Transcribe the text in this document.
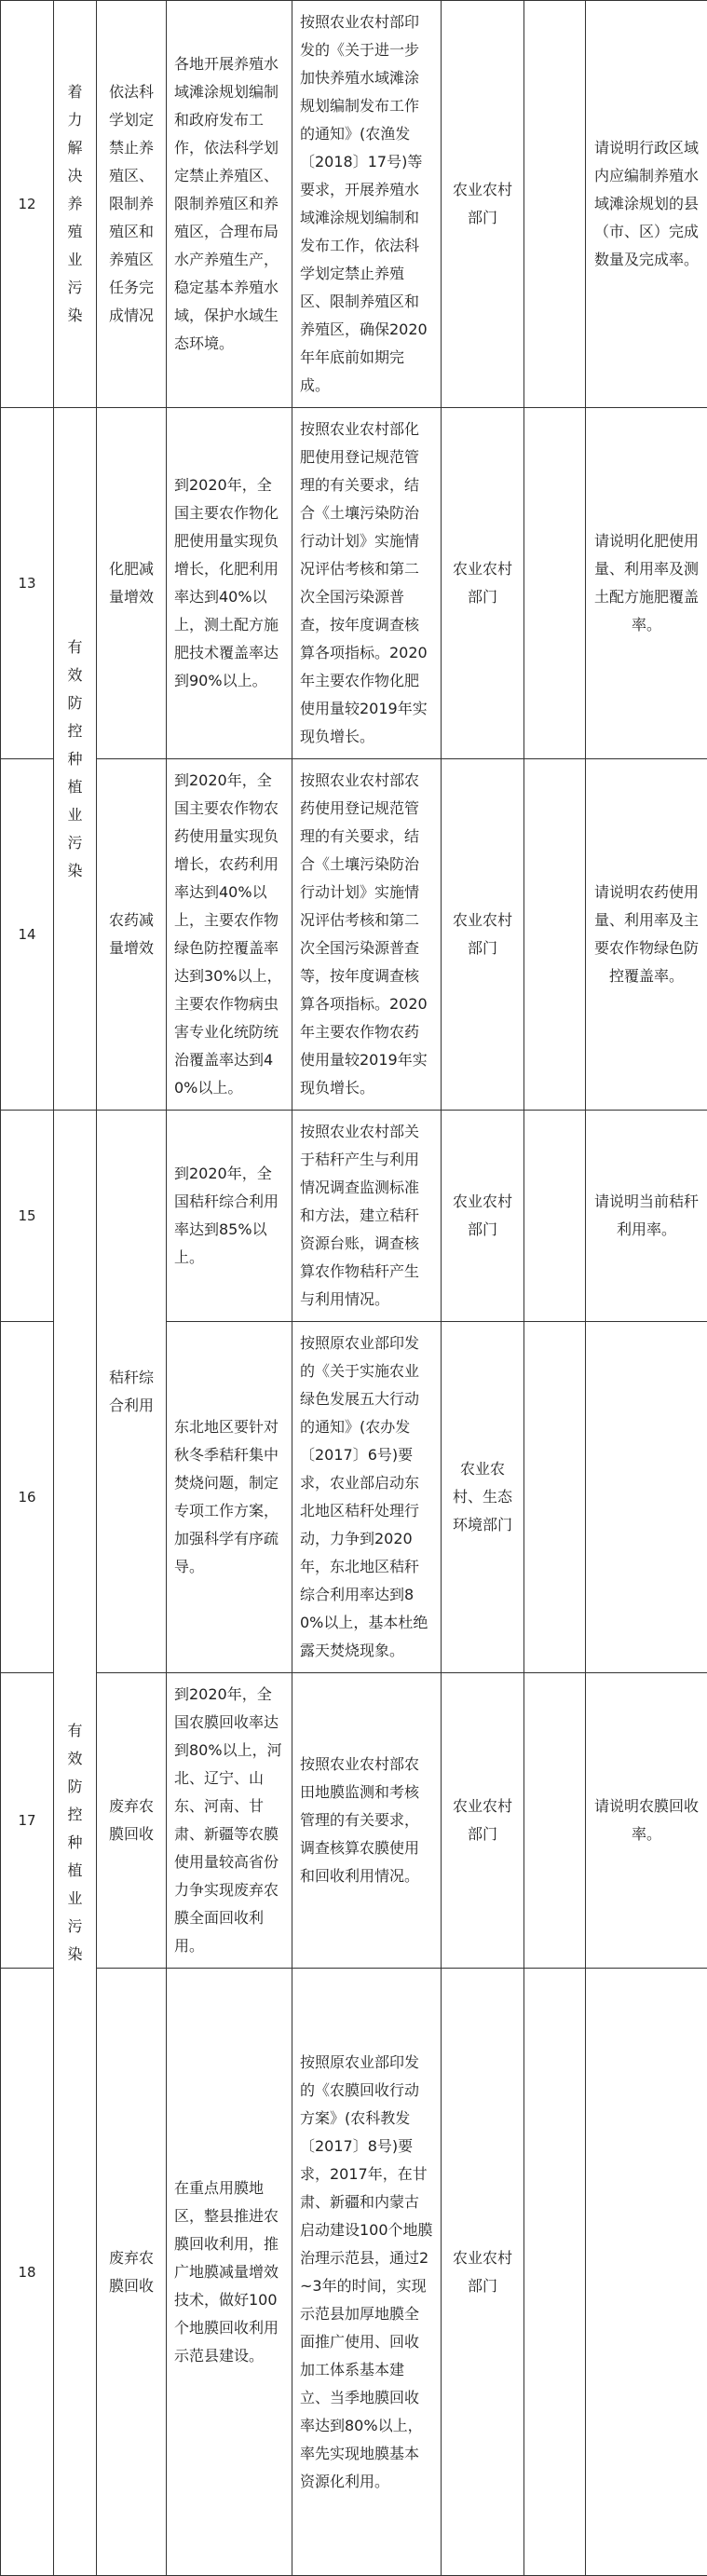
12	着力解决养殖业污染	依法科学划定禁止养殖区、限制养殖区和养殖区任务完成情况	各地开展养殖水域滩涂规划编制和政府发布工作，依法科学划定禁止养殖区、限制养殖区和养殖区，合理布局水产养殖生产，稳定基本养殖水域，保护水域生态环境。	按照农业农村部印发的《关于进一步加快养殖水域滩涂规划编制发布工作的通知》(农渔发〔2018〕17号)等要求，开展养殖水域滩涂规划编制和发布工作，依法科学划定禁止养殖区、限制养殖区和养殖区，确保2020年年底前如期完成。	农业农村部门		请说明行政区域内应编制养殖水域滩涂规划的县（市、区）完成数量及完成率。
13	有效防控种植业污染	化肥减量增效	到2020年，全国主要农作物化肥使用量实现负增长，化肥利用率达到40%以上，测土配方施肥技术覆盖率达到90%以上。	按照农业农村部化肥使用登记规范管理的有关要求，结合《土壤污染防治行动计划》实施情况评估考核和第二次全国污染源普查，按年度调查核算各项指标。2020年主要农作物化肥使用量较2019年实现负增长。	农业农村部门		请说明化肥使用量、利用率及测土配方施肥覆盖率。
14		农药减量增效	到2020年，全国主要农作物农药使用量实现负增长，农药利用率达到40%以上，主要农作物绿色防控覆盖率达到30%以上，主要农作物病虫害专业化统防统治覆盖率达到40%以上。	按照农业农村部农药使用登记规范管理的有关要求，结合《土壤污染防治行动计划》实施情况评估考核和第二次全国污染源普查等，按年度调查核算各项指标。2020年主要农作物农药使用量较2019年实现负增长。	农业农村部门		请说明农药使用量、利用率及主要农作物绿色防控覆盖率。
15	有效防控种植业污染	秸秆综合利用	到2020年，全国秸秆综合利用率达到85%以上。	按照农业农村部关于秸秆产生与利用情况调查监测标准和方法，建立秸秆资源台账，调查核算农作物秸秆产生与利用情况。	农业农村部门		请说明当前秸秆利用率。
16			东北地区要针对秋冬季秸秆集中焚烧问题，制定专项工作方案，加强科学有序疏导。	按照原农业部印发的《关于实施农业绿色发展五大行动的通知》(农办发〔2017〕6号)要求，农业部启动东北地区秸秆处理行动，力争到2020年，东北地区秸秆综合利用率达到80%以上，基本杜绝露天焚烧现象。	农业农村、生态环境部门		
17		废弃农膜回收	到2020年，全国农膜回收率达到80%以上，河北、辽宁、山东、河南、甘肃、新疆等农膜使用量较高省份力争实现废弃农膜全面回收利用。	按照农业农村部农田地膜监测和考核管理的有关要求，调查核算农膜使用和回收利用情况。	农业农村部门		请说明农膜回收率。
18		废弃农膜回收	在重点用膜地区，整县推进农膜回收利用，推广地膜减量增效技术，做好100个地膜回收利用示范县建设。	按照原农业部印发的《农膜回收行动方案》(农科教发〔2017〕8号)要求，2017年，在甘肃、新疆和内蒙古启动建设100个地膜治理示范县，通过2~3年的时间，实现示范县加厚地膜全面推广使用、回收加工体系基本建立、当季地膜回收率达到80%以上，率先实现地膜基本资源化利用。	农业农村部门		
